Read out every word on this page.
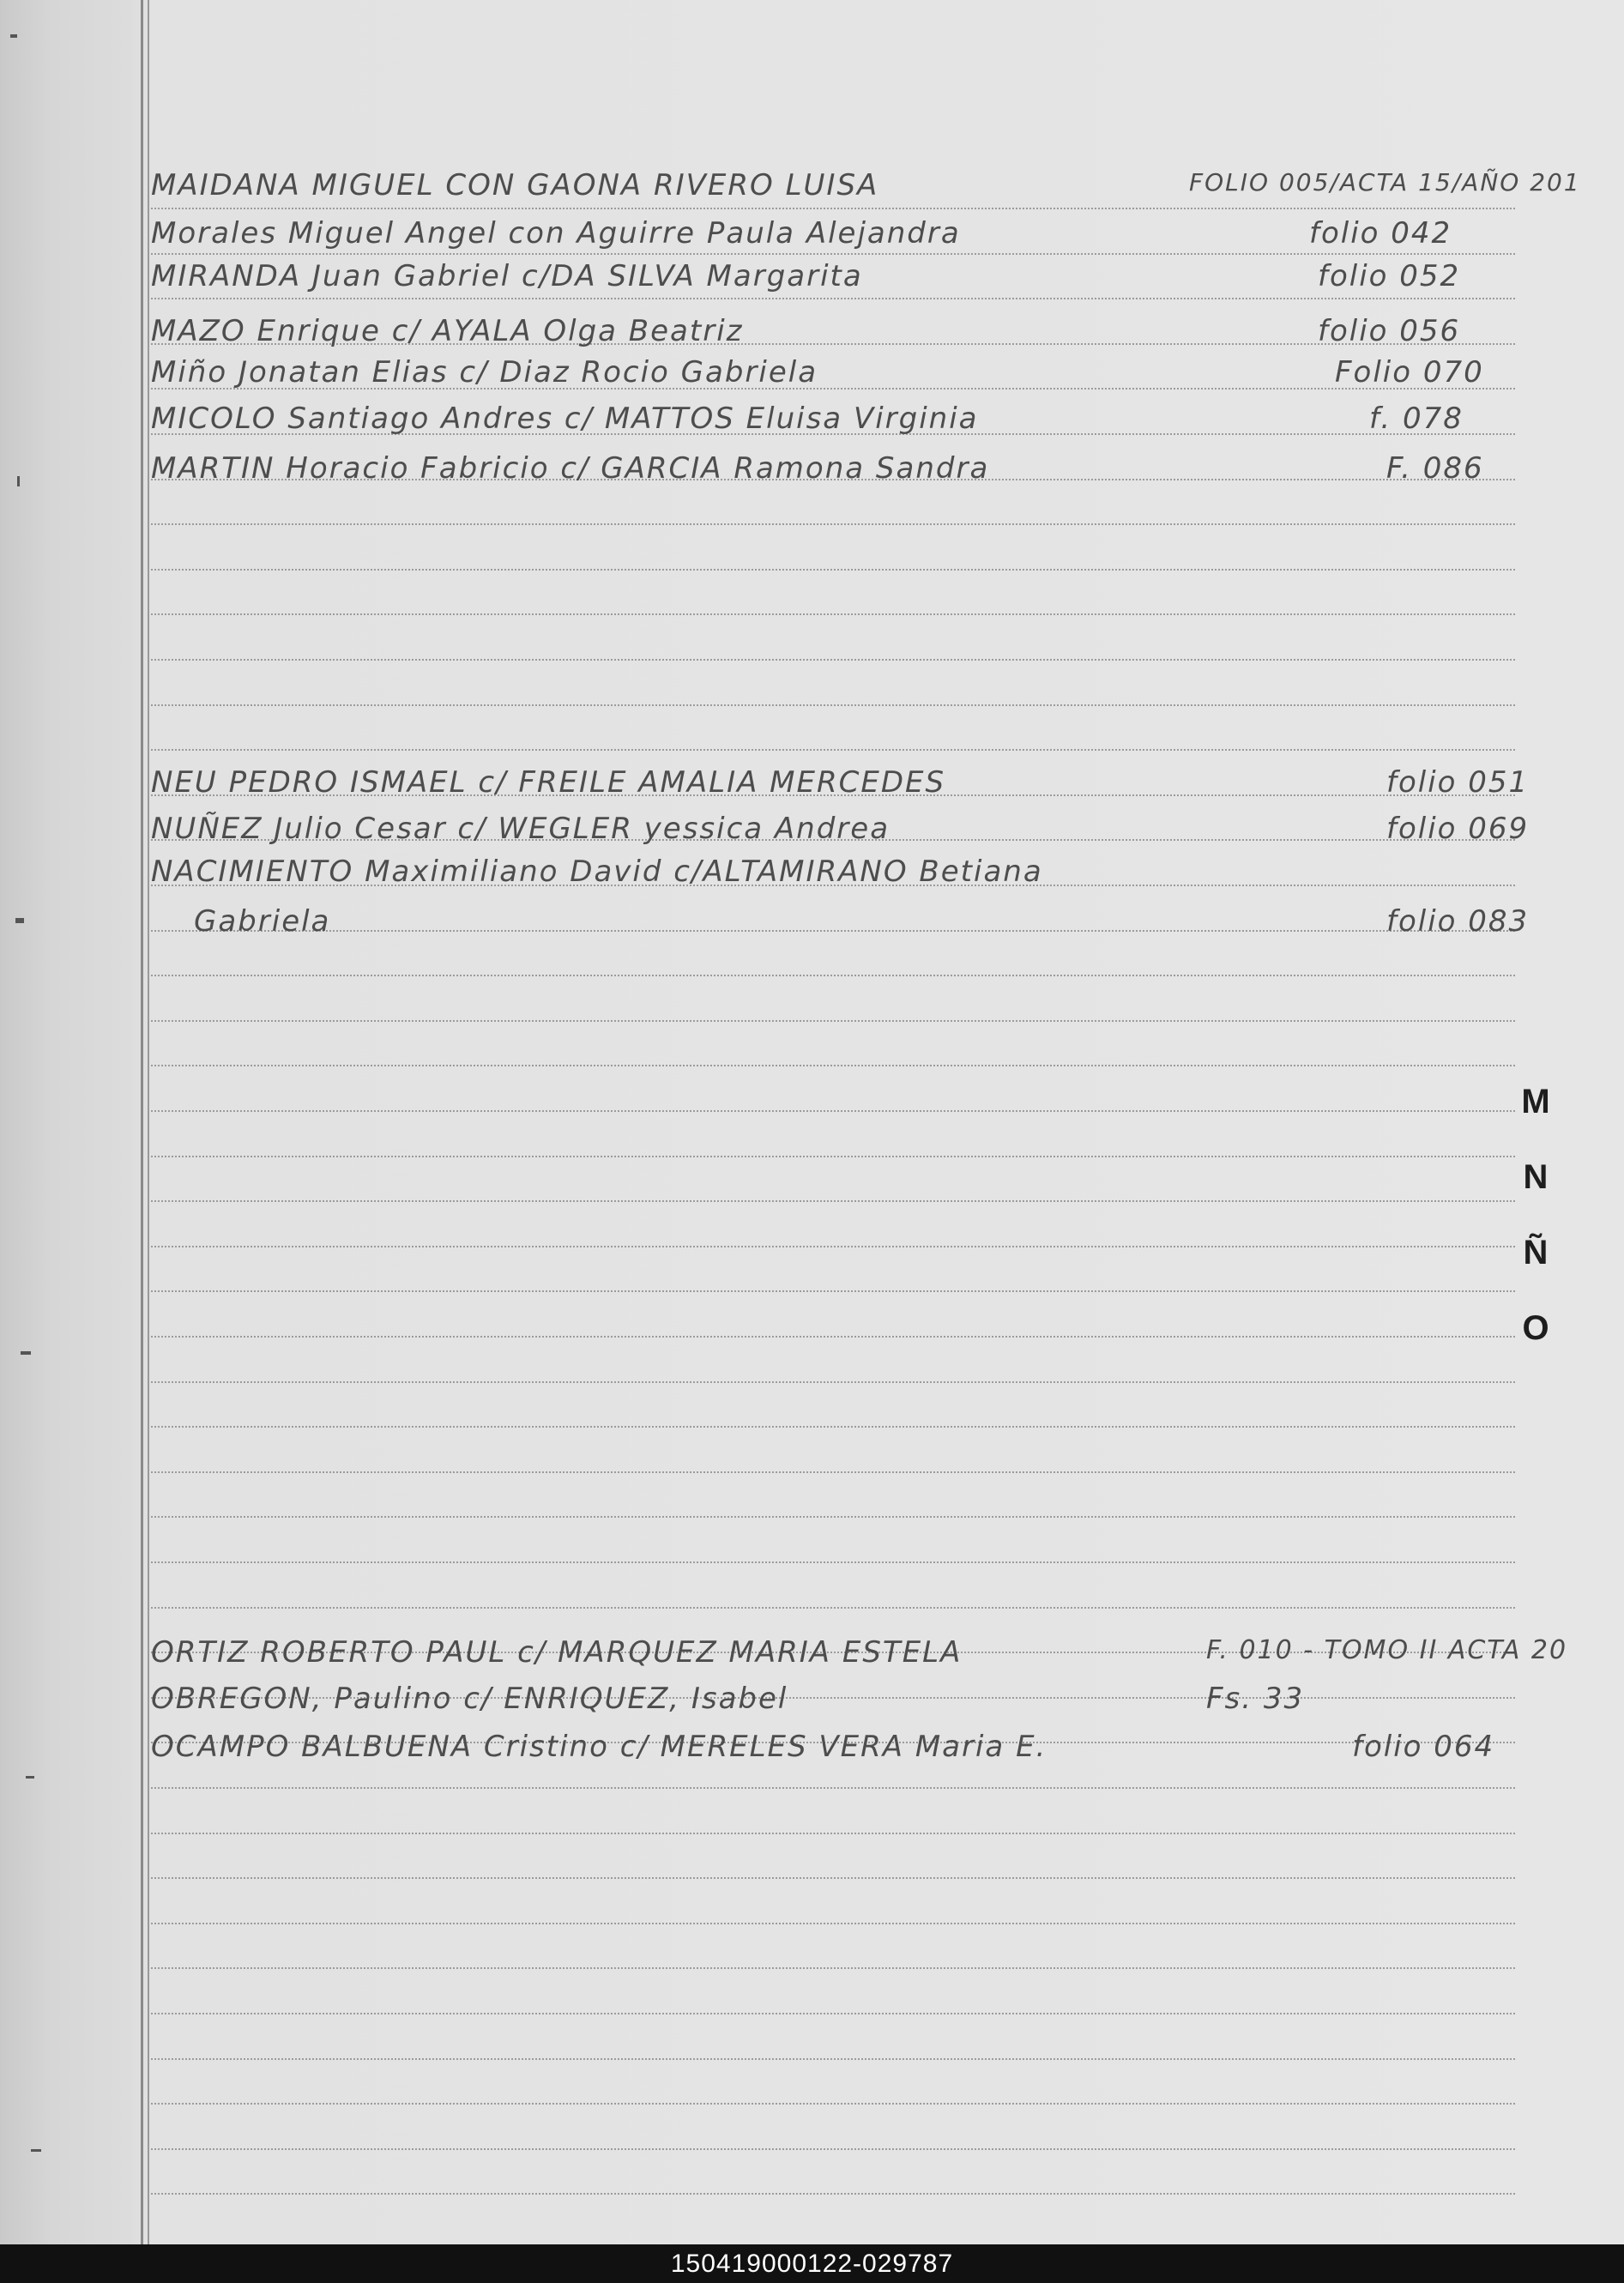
MAIDANA MIGUEL CON GAONA RIVERO LUISA	FOLIO 005/ACTA 15/AÑO 201
Morales Miguel Angel con Aguirre Paula Alejandra	folio 042
MIRANDA Juan Gabriel c/DA SILVA Margarita	folio 052
MAZO Enrique c/ AYALA Olga Beatriz	folio 056
Miño Jonatan Elias c/ Diaz Rocio Gabriela	Folio 070
MICOLO Santiago Andres c/ MATTOS Eluisa Virginia	f. 078
MARTIN Horacio Fabricio c/ GARCIA Ramona Sandra	F. 086
NEU PEDRO ISMAEL c/ FREILE AMALIA MERCEDES	folio 051
NUÑEZ Julio Cesar c/ WEGLER yessica Andrea	folio 069
NACIMIENTO Maximiliano David c/ALTAMIRANO Betiana
Gabriela	folio 083
ORTIZ ROBERTO PAUL c/ MARQUEZ MARIA ESTELA	F. 010 - TOMO II ACTA 20
OBREGON, Paulino c/ ENRIQUEZ, Isabel	Fs. 33
OCAMPO BALBUENA Cristino c/ MERELES VERA Maria E.	folio 064
M
N
Ñ
O
150419000122-029787
